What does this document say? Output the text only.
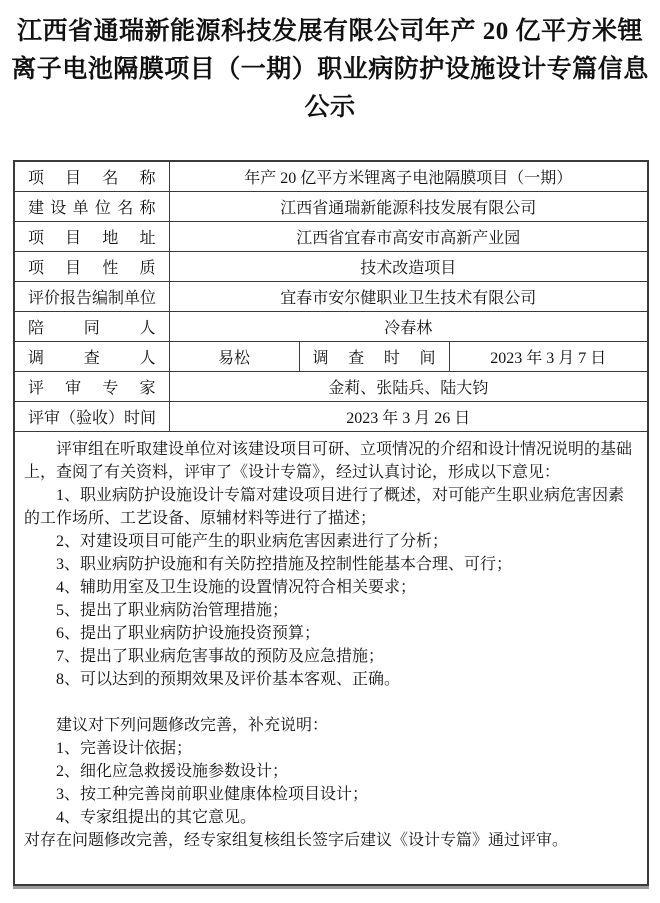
江西省通瑞新能源科技发展有限公司年产 20 亿平方米锂
离子电池隔膜项目（一期）职业病防护设施设计专篇信息
公示
项目名称	年产 20 亿平方米锂离子电池隔膜项目（一期）		
建设单位名称	江西省通瑞新能源科技发展有限公司		
项目地址	江西省宜春市高安市高新产业园		
项目性质	技术改造项目		
评价报告编制单位	宜春市安尔健职业卫生技术有限公司		
陪同人	冷春林		
调查人	易松	调查时间	2023 年 3 月 7 日
评审专家	金莉、张陆兵、陆大钧		
评审（验收）时间	2023 年 3 月 26 日		

评审组在听取建设单位对该建设项目可研、立项情况的介绍和设计情况说明的基础上，查阅了有关资料，评审了《设计专篇》，经过认真讨论，形成以下意见：

1、职业病防护设施设计专篇对建设项目进行了概述，对可能产生职业病危害因素的工作场所、工艺设备、原辅材料等进行了描述；

2、对建设项目可能产生的职业病危害因素进行了分析；

3、职业病防护设施和有关防控措施及控制性能基本合理、可行；

4、辅助用室及卫生设施的设置情况符合相关要求；

5、提出了职业病防治管理措施；

6、提出了职业病防护设施投资预算；

7、提出了职业病危害事故的预防及应急措施；

8、可以达到的预期效果及评价基本客观、正确。

建议对下列问题修改完善，补充说明：

1、完善设计依据；

2、细化应急救援设施参数设计；

3、按工种完善岗前职业健康体检项目设计；

4、专家组提出的其它意见。

对存在问题修改完善，经专家组复核组长签字后建议《设计专篇》通过评审。
